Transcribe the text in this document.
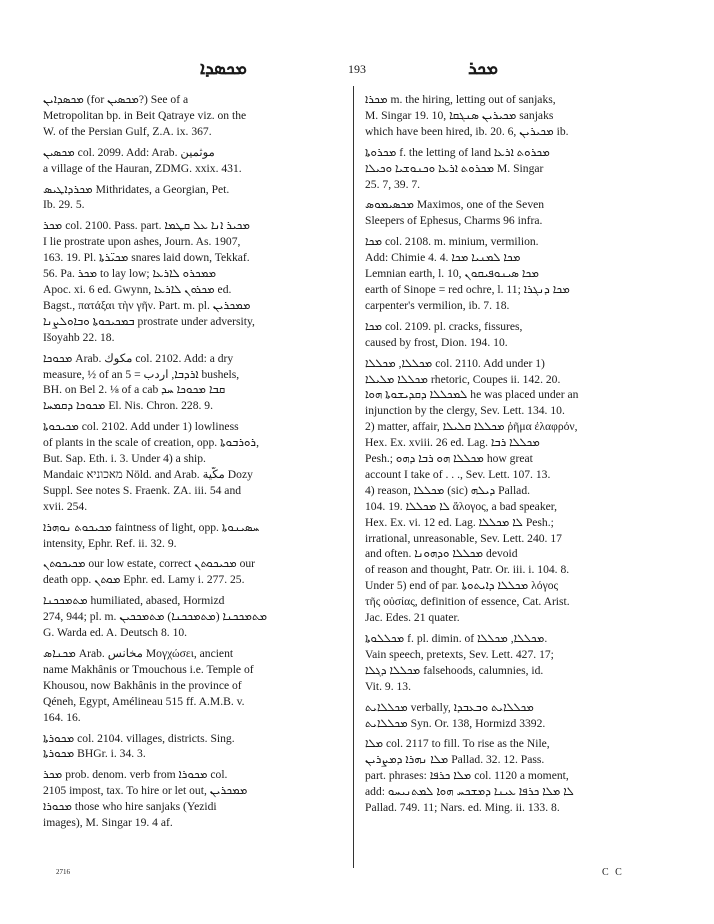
ܡܟܣܕܐ	193	ܡܟܪ
ܡܟܣܕܐܝܢ (for ܡܟܣܝܢ?) See of a
Metropolitan bp. in Beit Qatraye viz. on the
W. of the Persian Gulf, Z.A. ix. 367.
ܡܟܣܝܢ col. 2099. Add: Arab. موثمين
a village of the Hauran, ZDMG. xxix. 431.
ܡܟܪܕܐܛܝܣ Mithridates, a Georgian, Pet.
Ib. 29. 5.
ܡܟܪ col. 2100. Pass. part. ܡܟܝܪ ܐܢܐ ܥܠ ܩܛܡܐ
I lie prostrate upon ashes, Journ. As. 1907,
163. 19. Pl. ܡܟܝ̈ܪܬܐ snares laid down, Tekkaf.
56. Pa. ܡܟܪ to lay low; ܡܡܟܪܘ ܠܐܪܥܐ
Apoc. xi. 6 ed. Gwynn, ܡܟܪܘܢ ܠܐܪܥܐ ed.
Bagst., πατάξαι τὴν γῆν. Part. m. pl. ܡܡܟܪܝܢ
ܒܡܟܝܟܘܬܐ ܘܒܐܘܠܨܢܐ prostrate under adversity,
Išoyahb 22. 18.
ܡܟܘܟܐ Arab. مكوك col. 2102. Add: a dry
measure, ½ of an ܐܪܕܒܐ, اردب = 5 bushels,
BH. on Bel 2. ⅛ of a cab ܩܒܐ ܡܟܘܟܐ ܚܕ
ܡܟܘܟܐ ܕܩܡܚܐ El. Nis. Chron. 228. 9.
ܡܟܝܟܘܬܐ col. 2102. Add under 1) lowliness
of plants in the scale of creation, opp. ܪܘܪܒܘܬܐ,
But. Sap. Eth. i. 3. Under 4) a ship.
Mandaic מאכוניא Nöld. and Arab. مكّية Dozy
Suppl. See notes S. Fraenk. ZA. iii. 54 and
xvii. 254.
ܡܟܝܟܘܬ ܢܘܗܪܐ faintness of light, opp. ܚܣܝܢܘܬܐ
intensity, Ephr. Ref. ii. 32. 9.
ܡܟܝܟܘܬܢ our low estate, correct ܡܟܝܟܘܬܢ our
death opp. ܡܘܬܢ Ephr. ed. Lamy i. 277. 25.
ܡܬܡܟܟܢܐ humiliated, abased, Hormizd
274, 944; pl. m. ܡܬܡܟܟܢܐ (ܡܬܡܟܟܢܐ) ܡܬܡܟܟܝܢ
G. Warda ed. A. Deutsch 8. 10.
ܡܟܢܐܣ Arab. مخانس Μογχώσει, ancient
name Makhânis or Tmouchous i.e. Temple of
Khousou, now Bakhânis in the province of
Qéneh, Egypt, Amélineau 515 ff. A.M.B. v.
164. 16.
ܡܟܘܪܬܐ col. 2104. villages, districts. Sing.
ܡܟܘܪܬܐ BHGr. i. 34. 3.
ܡܟܪ prob. denom. verb from ܡܟܘܪܐ col.
2105 impost, tax. To hire or let out, ܡܡܟܪܝܢ
ܡܟܘܪܐ those who hire sanjaks (Yezidi
images), M. Singar 19. 4 af.
ܡܟܪܐ m. the hiring, letting out of sanjaks,
M. Singar 19. 10, ܡܟܝܪܝܢ ܣܢܓܩܐ sanjaks
which have been hired, ib. 20. 6, ܡܟܝܪܝܢ ib.
ܡܟܪܘܬܐ f. the letting of land ܡܟܪܘܬ ܐܪܥܐ
ܡܟܪܘܬ ܐܪܥܐ ܘܟܢܘܫܝܐ ܘܟܝܠܐ M. Singar
25. 7, 39. 7.
ܡܟܣܝܡܘܣ Maximos, one of the Seven
Sleepers of Ephesus, Charms 96 infra.
ܡܟܐ col. 2108. m. minium, vermilion.
Add: Chimie 4. 4. ܡܟܐ ܠܡܢܝܐ ܡܟܐ
Lemnian earth, l. 10, ܡܟܐ ܣܝܢܘܦܝܩܘܢ
earth of Sinope = red ochre, l. 11; ܡܟܐ ܕܢܓܪܐ
carpenter's vermilion, ib. 7. 18.
ܡܟܐ col. 2109. pl. cracks, fissures,
caused by frost, Dion. 194. 10.
ܡܟܠܠܐ, ܡܟܠܠܐ col. 2110. Add under 1)
ܡܟܠܠܐ ܡܠܝܠܐ rhetoric, Coupes ii. 142. 20.
ܠܡܟܠܠܐ ܕܩܕܝܫܘܬܐ ܗܘܐ he was placed under an
injunction by the clergy, Sev. Lett. 134. 10.
2) matter, affair, ܡܟܠܠܐ ܩܠܝܠܐ ῥῆμα ἐλαφρόν,
Hex. Ex. xviii. 26 ed. Lag. ܡܟܠܠܐ ܪܒܐ
Pesh.; ܡܟܠܠܐ ܗܘ ܪܒܐ ܕܗܘ how great
account I take of . . ., Sev. Lett. 107. 13.
4) reason, ܡܟܠܠܐ (sic) ܕܝܠܗ Pallad.
104. 19. ܠܐ ܡܟܠܠܐ ἄλογος, a bad speaker,
Hex. Ex. vi. 12 ed. Lag. ܠܐ ܡܟܠܠܐ Pesh.;
irrational, unreasonable, Sev. Lett. 240. 17
and often. ܡܟܠܠܐ ܘܕܗܘܢܐ devoid
of reason and thought, Patr. Or. iii. i. 104. 8.
Under 5) end of par. ܡܟܠܠܐ ܕܐܝܬܘܬܐ λόγος
τῆς οὐσίας, definition of essence, Cat. Arist.
Jac. Edes. 21 quater.
ܡܟܠܠܘܬܐ f. pl. dimin. of ܡܟܠܠܐ, ܡܟܠܠܐ.
Vain speech, pretexts, Sev. Lett. 427. 17;
ܡܟܠܠܐ ܕܓܠܐ falsehoods, calumnies, id.
Vit. 9. 13.
ܡܟܠܠܐܝܬ verbally, ܡܟܠܠܐܝܬ ܘܒܥܒܕܐ
ܡܟܠܠܐܝܬ Syn. Or. 138, Hormizd 3392.
ܡܠܐ col. 2117 to fill. To rise as the Nile,
ܡܠܐ ܢܗܪܐ ܕܡܨܪܝܢ Pallad. 32. 12. Pass.
part. phrases: ܡܠܐ ܟܪܦܐ col. 1120 a moment,
add: ܠܐ ܡܠܐ ܟܪܦܐ ܥܝܢܐ ܕܡܫܟܚ ܗܘܐ ܠܡܬܢܝܚܘ
Pallad. 749. 11; Nars. ed. Ming. ii. 133. 8.
2716	C C
